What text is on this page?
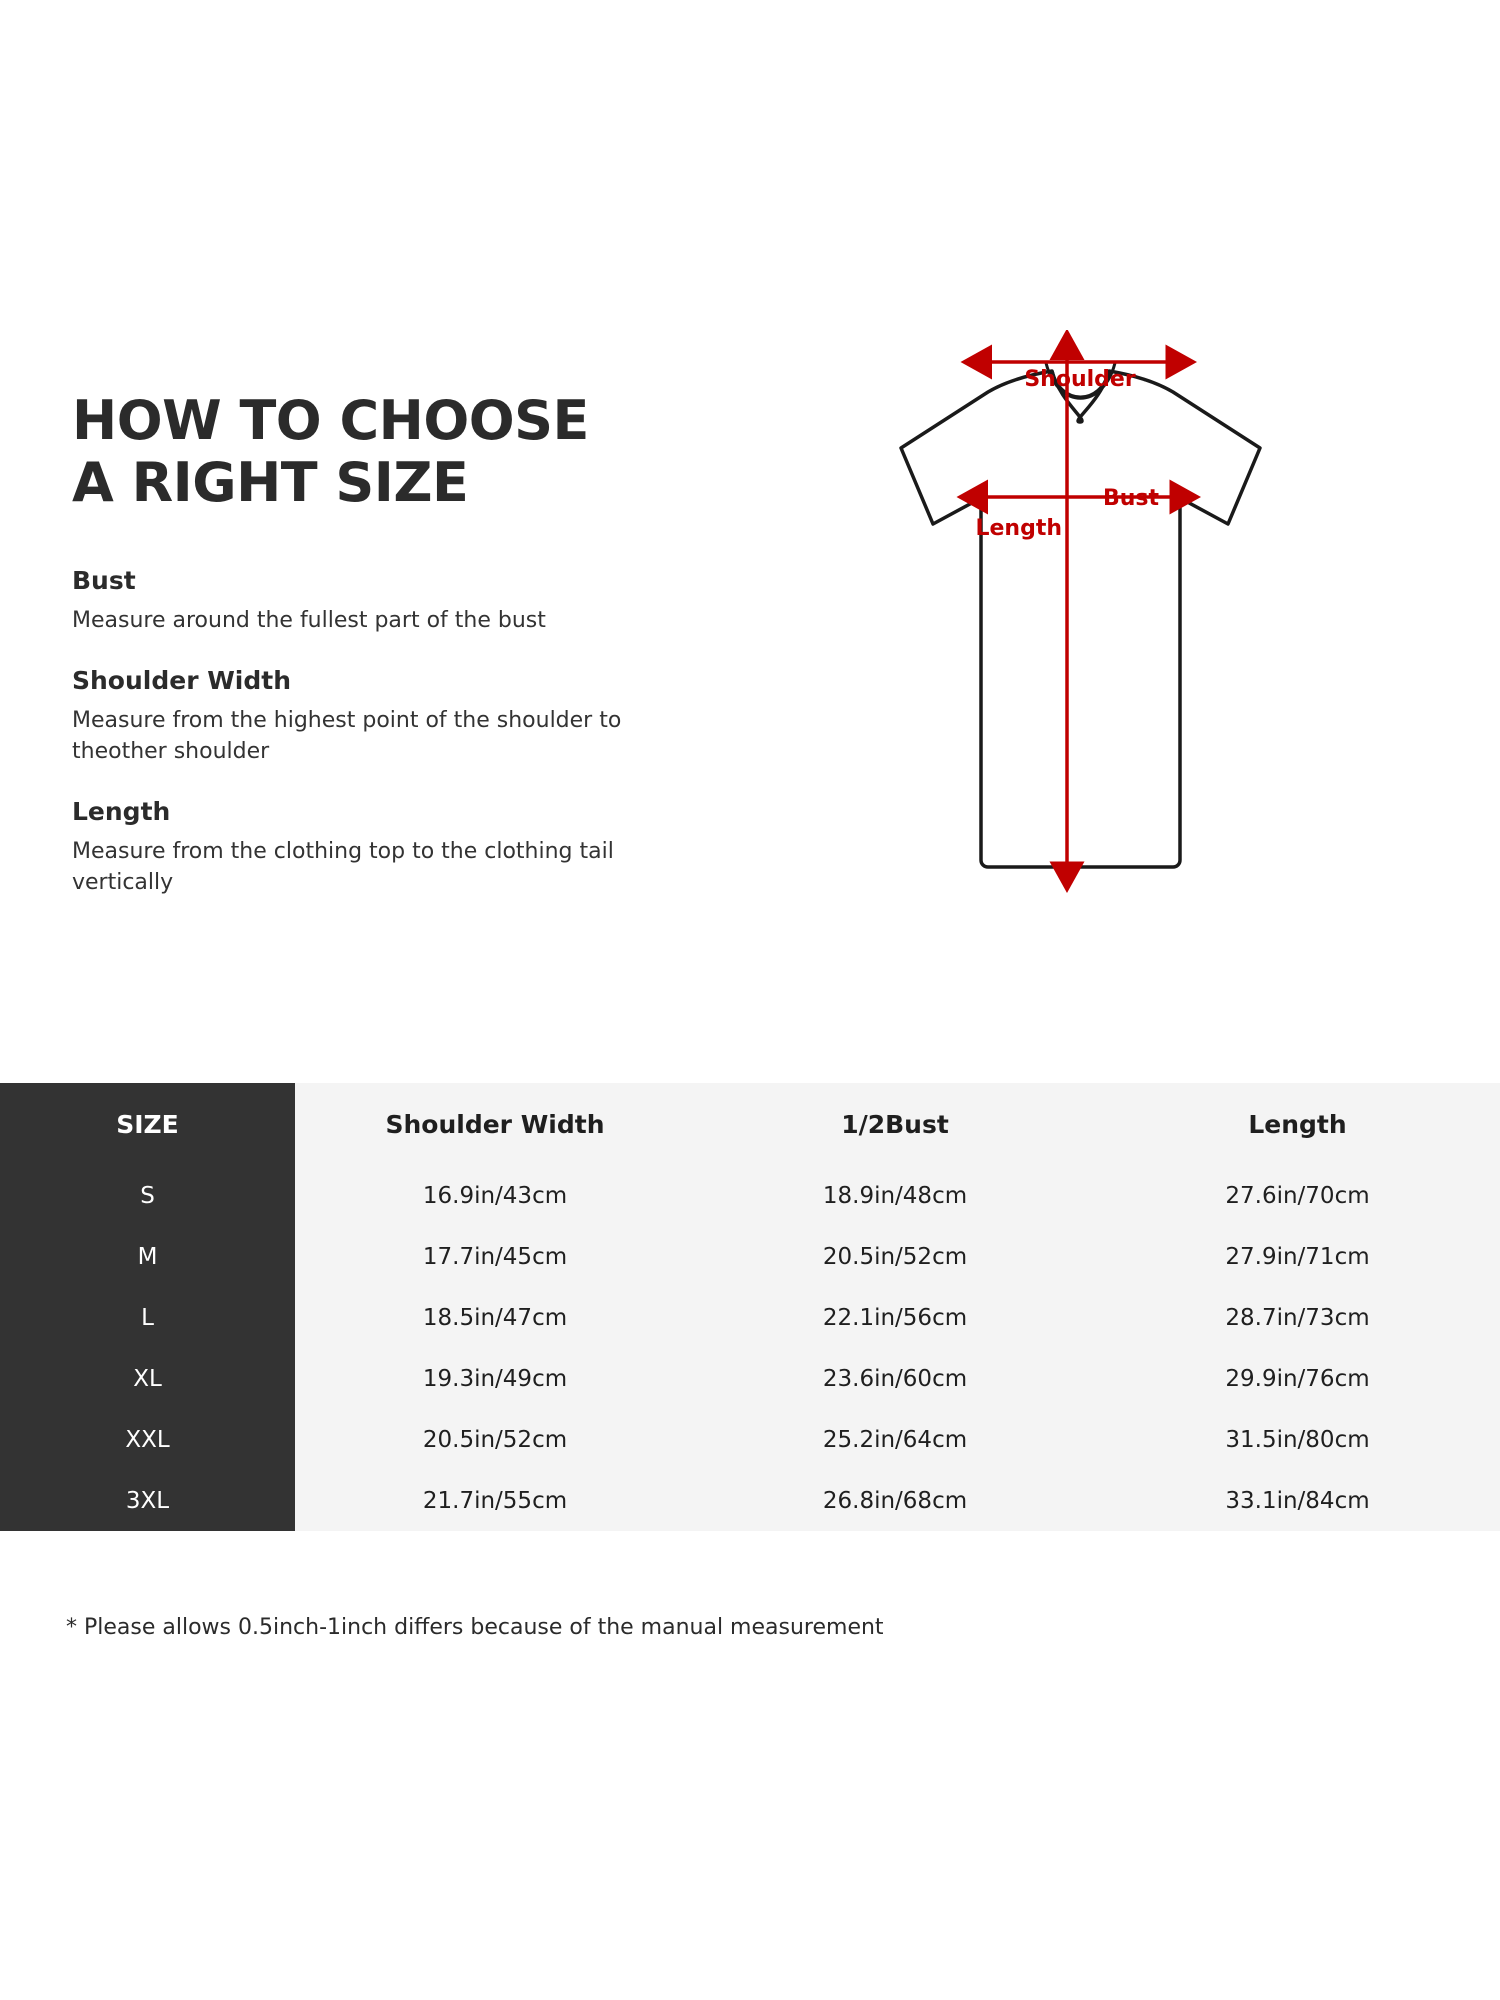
HOW TO CHOOSE
A RIGHT SIZE

Bust

Measure around the fullest part of the bust

Shoulder Width

Measure from the highest point of the shoulder to theother shoulder

Length

Measure from the clothing top to the clothing tail vertically

Shoulder
Bust
Length
SIZE	Shoulder Width	1/2Bust	Length
S	16.9in/43cm	18.9in/48cm	27.6in/70cm
M	17.7in/45cm	20.5in/52cm	27.9in/71cm
L	18.5in/47cm	22.1in/56cm	28.7in/73cm
XL	19.3in/49cm	23.6in/60cm	29.9in/76cm
XXL	20.5in/52cm	25.2in/64cm	31.5in/80cm
3XL	21.7in/55cm	26.8in/68cm	33.1in/84cm
* Please allows 0.5inch-1inch differs because of the manual measurement
